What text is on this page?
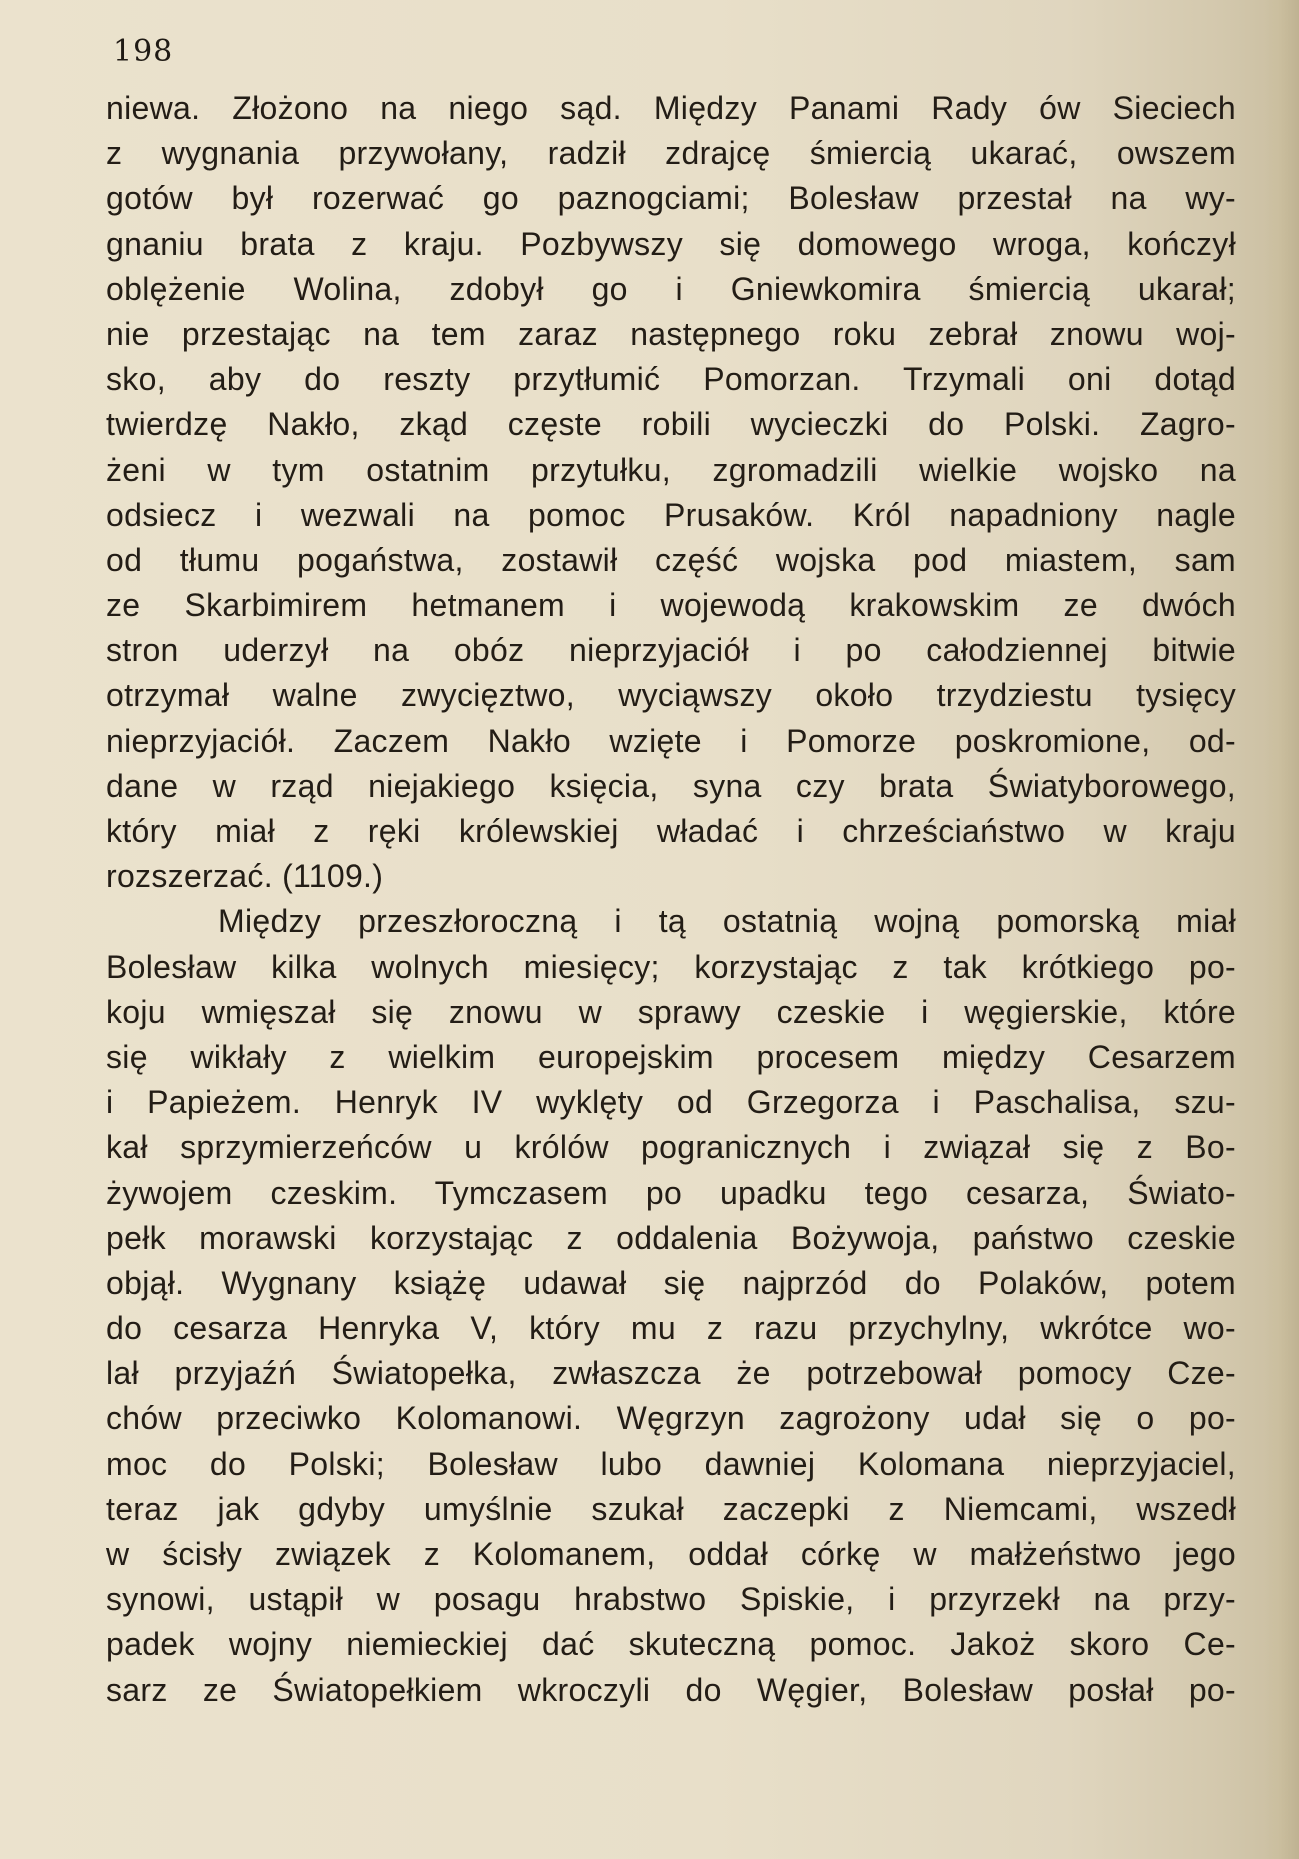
198
niewa. Złożono na niego sąd. Między Panami Rady ów Sieciech
z wygnania przywołany, radził zdrajcę śmiercią ukarać, owszem
gotów był rozerwać go paznogciami; Bolesław przestał na wy-
gnaniu brata z kraju. Pozbywszy się domowego wroga, kończył
oblężenie Wolina, zdobył go i Gniewkomira śmiercią ukarał;
nie przestając na tem zaraz następnego roku zebrał znowu woj-
sko, aby do reszty przytłumić Pomorzan. Trzymali oni dotąd
twierdzę Nakło, zkąd częste robili wycieczki do Polski. Zagro-
żeni w tym ostatnim przytułku, zgromadzili wielkie wojsko na
odsiecz i wezwali na pomoc Prusaków. Król napadniony nagle
od tłumu pogaństwa, zostawił część wojska pod miastem, sam
ze Skarbimirem hetmanem i wojewodą krakowskim ze dwóch
stron uderzył na obóz nieprzyjaciół i po całodziennej bitwie
otrzymał walne zwycięztwo, wyciąwszy około trzydziestu tysięcy
nieprzyjaciół. Zaczem Nakło wzięte i Pomorze poskromione, od-
dane w rząd niejakiego księcia, syna czy brata Światyborowego,
który miał z ręki królewskiej władać i chrześciaństwo w kraju
rozszerzać. (1109.)
Między przeszłoroczną i tą ostatnią wojną pomorską miał
Bolesław kilka wolnych miesięcy; korzystając z tak krótkiego po-
koju wmięszał się znowu w sprawy czeskie i węgierskie, które
się wikłały z wielkim europejskim procesem między Cesarzem
i Papieżem. Henryk IV wyklęty od Grzegorza i Paschalisa, szu-
kał sprzymierzeńców u królów pogranicznych i związał się z Bo-
żywojem czeskim. Tymczasem po upadku tego cesarza, Świato-
pełk morawski korzystając z oddalenia Bożywoja, państwo czeskie
objął. Wygnany książę udawał się najprzód do Polaków, potem
do cesarza Henryka V, który mu z razu przychylny, wkrótce wo-
lał przyjaźń Światopełka, zwłaszcza że potrzebował pomocy Cze-
chów przeciwko Kolomanowi. Węgrzyn zagrożony udał się o po-
moc do Polski; Bolesław lubo dawniej Kolomana nieprzyjaciel,
teraz jak gdyby umyślnie szukał zaczepki z Niemcami, wszedł
w ścisły związek z Kolomanem, oddał córkę w małżeństwo jego
synowi, ustąpił w posagu hrabstwo Spiskie, i przyrzekł na przy-
padek wojny niemieckiej dać skuteczną pomoc. Jakoż skoro Ce-
sarz ze Światopełkiem wkroczyli do Węgier, Bolesław posłał po-
